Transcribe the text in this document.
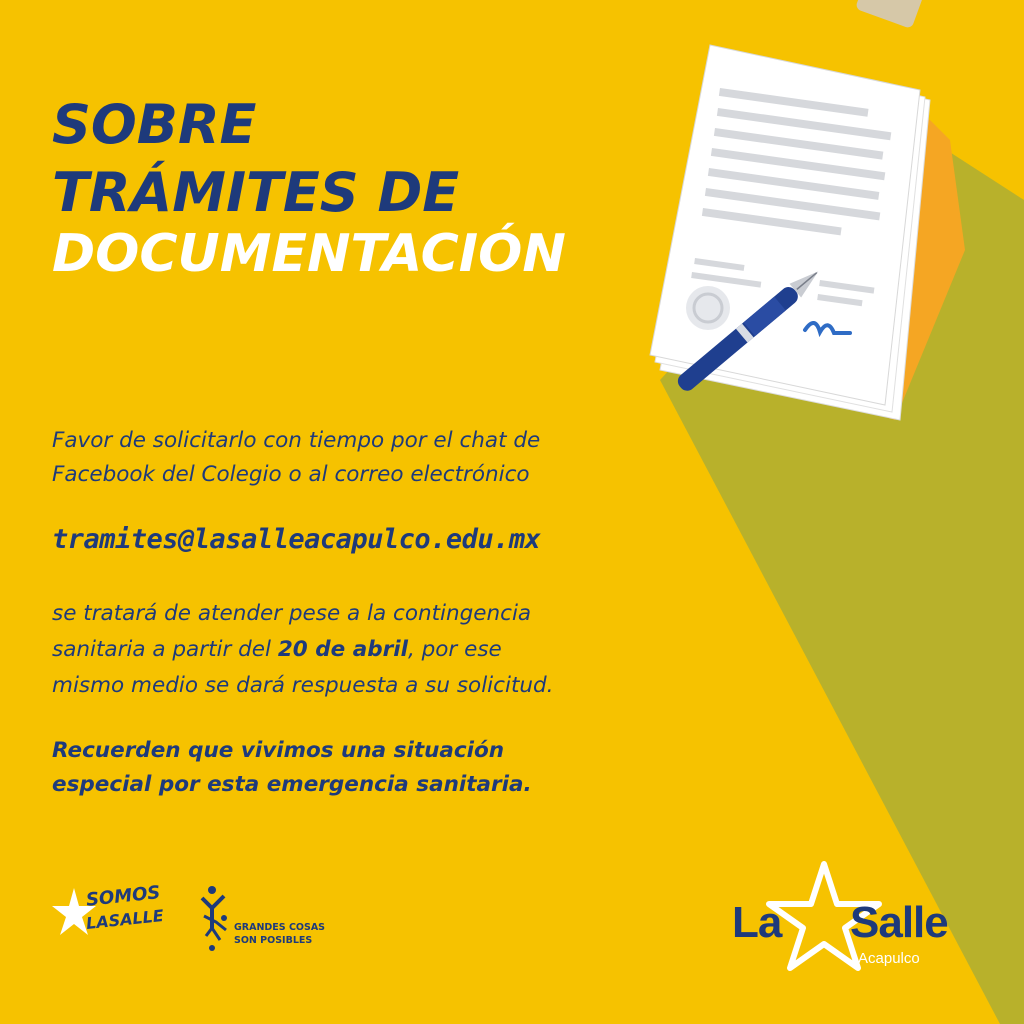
SOBRE
TRÁMITES DE
DOCUMENTACIÓN

Favor de solicitarlo con tiempo por el chat de
Facebook del Colegio o al correo electrónico

tramites@lasalleacapulco.edu.mx

se tratará de atender pese a la contingencia
sanitaria a partir del 20 de abril, por ese
mismo medio se dará respuesta a su solicitud.

Recuerden que vivimos una situación
especial por esta emergencia sanitaria.

SOMOS
LASALLE	GRANDES COSAS
SON POSIBLES	La Salle
Acapulco
